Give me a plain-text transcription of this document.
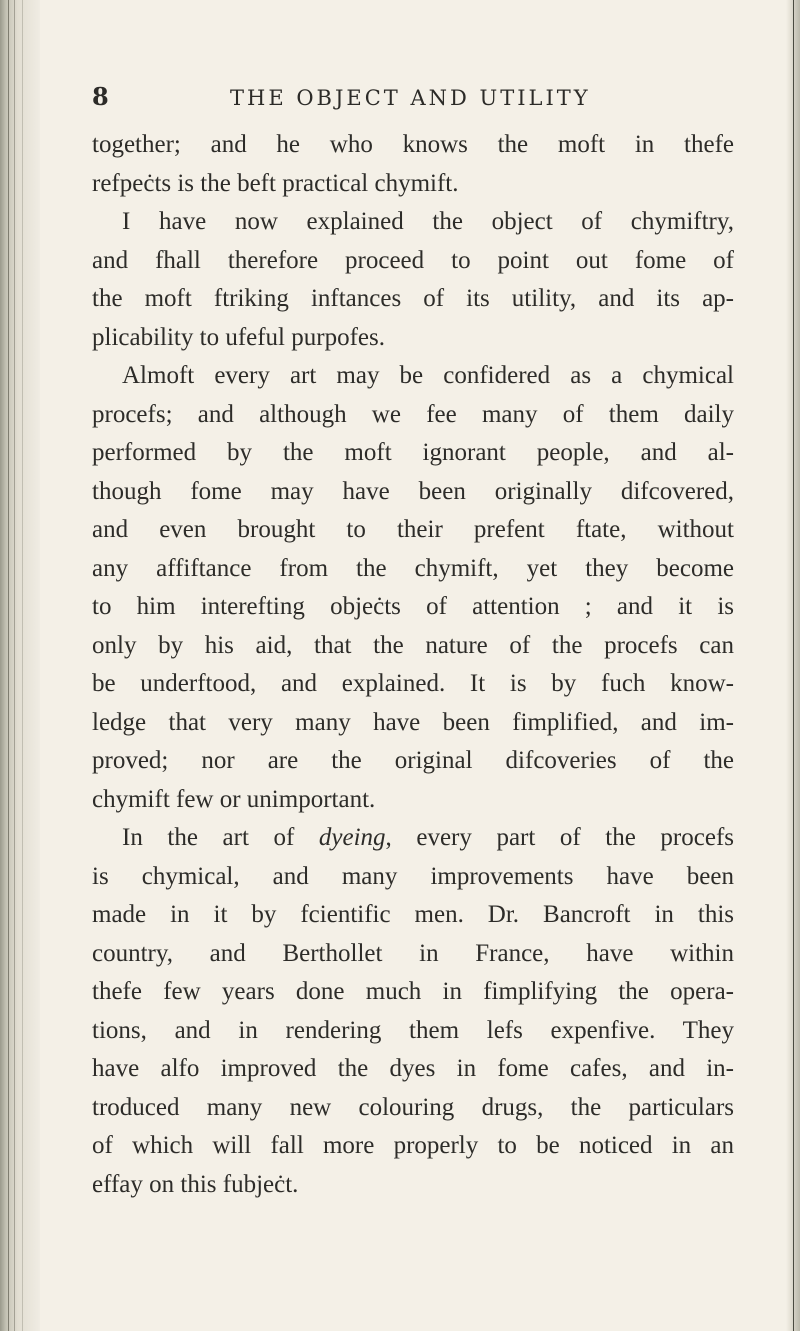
8	THE OBJECT AND UTILITY
together; and he who knows the moft in thefe
refpeċts is the beft practical chymift.
I have now explained the object of chymiftry,
and fhall therefore proceed to point out fome of
the moft ftriking inftances of its utility, and its ap-
plicability to ufeful purpofes.
Almoft every art may be confidered as a chymical
procefs; and although we fee many of them daily
performed by the moft ignorant people, and al-
though fome may have been originally difcovered,
and even brought to their prefent ftate, without
any affiftance from the chymift, yet they become
to him interefting objeċts of attention ; and it is
only by his aid, that the nature of the procefs can
be underftood, and explained. It is by fuch know-
ledge that very many have been fimplified, and im-
proved; nor are the original difcoveries of the
chymift few or unimportant.
In the art of dyeing, every part of the procefs
is chymical, and many improvements have been
made in it by fcientific men. Dr. Bancroft in this
country, and Berthollet in France, have within
thefe few years done much in fimplifying the opera-
tions, and in rendering them lefs expenfive. They
have alfo improved the dyes in fome cafes, and in-
troduced many new colouring drugs, the particulars
of which will fall more properly to be noticed in an
effay on this fubjeċt.
